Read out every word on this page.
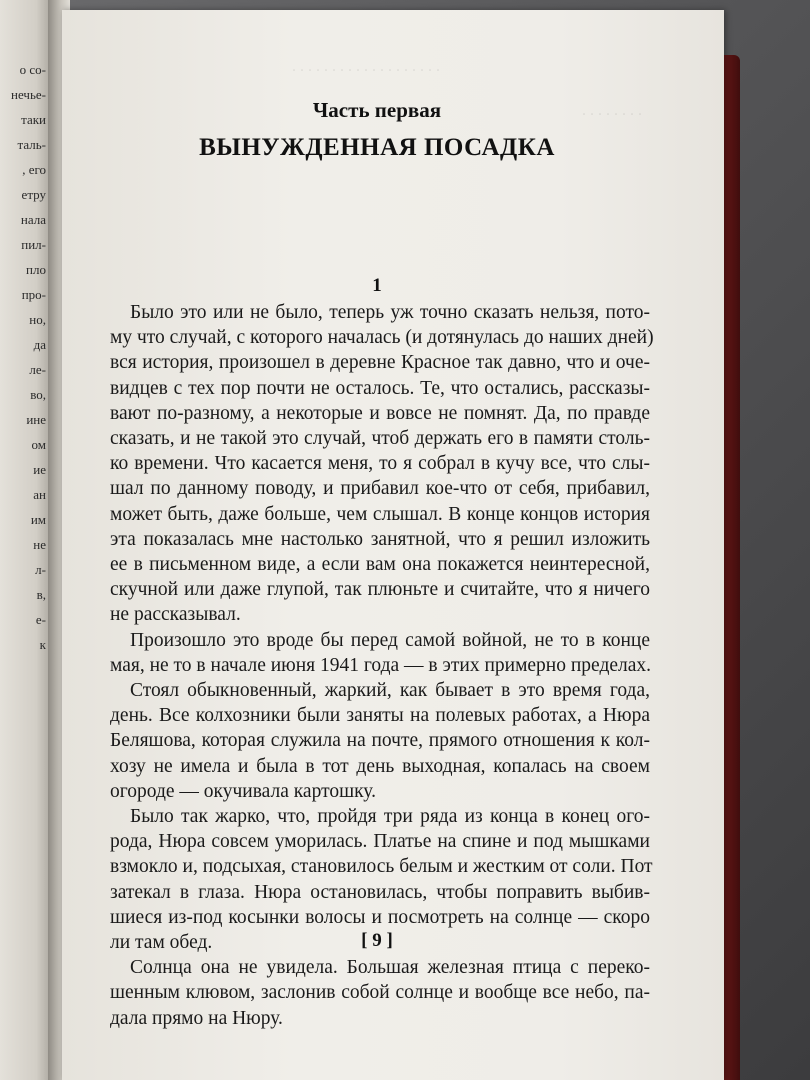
о со-
нечье-
таки
таль-
, его
етру
нала
пил-
пло
про-
но,
да
ле-
во,
ине
ом
ие
ан
им
не
л-
в,
е-
к
. . . . . . . . . . . . . . . . . . .
. . . . . . . .
Часть первая
ВЫНУЖДЕННАЯ ПОСАДКА
1
Было это или не было, теперь уж точно сказать нельзя, пото-
му что случай, с которого началась (и дотянулась до наших дней)
вся история, произошел в деревне Красное так давно, что и оче-
видцев с тех пор почти не осталось. Те, что остались, рассказы-
вают по-разному, а некоторые и вовсе не помнят. Да, по правде
сказать, и не такой это случай, чтоб держать его в памяти столь-
ко времени. Что касается меня, то я собрал в кучу все, что слы-
шал по данному поводу, и прибавил кое-что от себя, прибавил,
может быть, даже больше, чем слышал. В конце концов история
эта показалась мне настолько занятной, что я решил изложить
ее в письменном виде, а если вам она покажется неинтересной,
скучной или даже глупой, так плюньте и считайте, что я ничего
не рассказывал.
Произошло это вроде бы перед самой войной, не то в конце
мая, не то в начале июня 1941 года — в этих примерно пределах.
Стоял обыкновенный, жаркий, как бывает в это время года,
день. Все колхозники были заняты на полевых работах, а Нюра
Беляшова, которая служила на почте, прямого отношения к кол-
хозу не имела и была в тот день выходная, копалась на своем
огороде — окучивала картошку.
Было так жарко, что, пройдя три ряда из конца в конец ого-
рода, Нюра совсем уморилась. Платье на спине и под мышками
взмокло и, подсыхая, становилось белым и жестким от соли. Пот
затекал в глаза. Нюра остановилась, чтобы поправить выбив-
шиеся из-под косынки волосы и посмотреть на солнце — скоро
ли там обед.
Солнца она не увидела. Большая железная птица с переко-
шенным клювом, заслонив собой солнце и вообще все небо, па-
дала прямо на Нюру.
[ 9 ]
